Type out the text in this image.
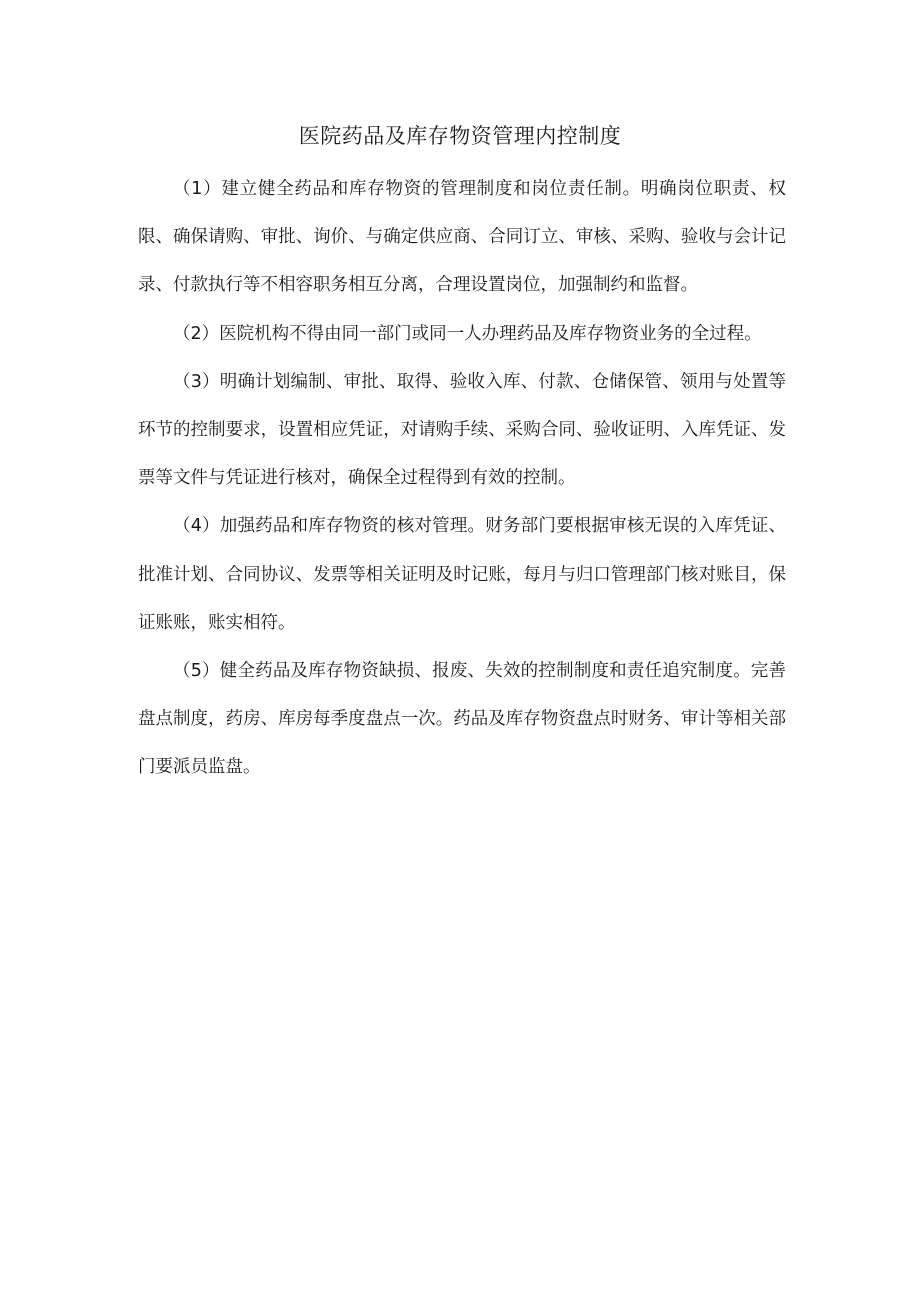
医院药品及库存物资管理内控制度

（1）建立健全药品和库存物资的管理制度和岗位责任制。明确岗位职责、权限、确保请购、审批、询价、与确定供应商、合同订立、审核、采购、验收与会计记录、付款执行等不相容职务相互分离，合理设置岗位，加强制约和监督。

（2）医院机构不得由同一部门或同一人办理药品及库存物资业务的全过程。

（3）明确计划编制、审批、取得、验收入库、付款、仓储保管、领用与处置等环节的控制要求，设置相应凭证，对请购手续、采购合同、验收证明、入库凭证、发票等文件与凭证进行核对，确保全过程得到有效的控制。

（4）加强药品和库存物资的核对管理。财务部门要根据审核无误的入库凭证、批准计划、合同协议、发票等相关证明及时记账，每月与归口管理部门核对账目，保证账账，账实相符。

（5）健全药品及库存物资缺损、报废、失效的控制制度和责任追究制度。完善盘点制度，药房、库房每季度盘点一次。药品及库存物资盘点时财务、审计等相关部门要派员监盘。
